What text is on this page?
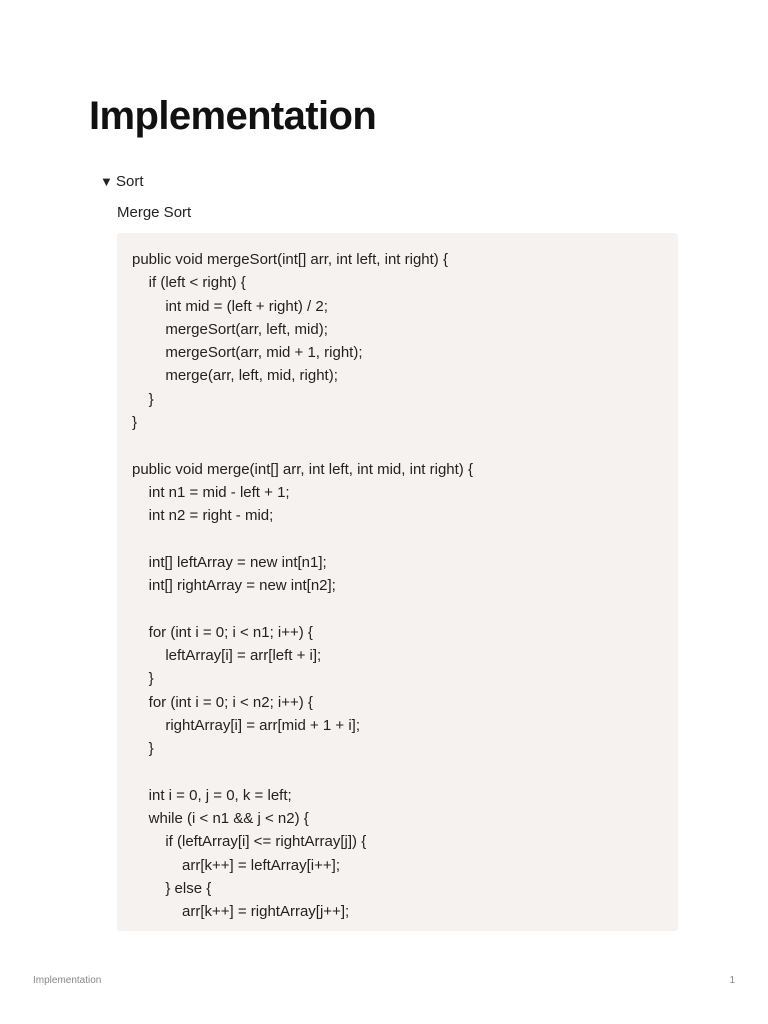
Implementation
▼ Sort
Merge Sort
public void mergeSort(int[] arr, int left, int right) {
if (left < right) {
int mid = (left + right) / 2;
mergeSort(arr, left, mid);
mergeSort(arr, mid + 1, right);
merge(arr, left, mid, right);
}
}
public void merge(int[] arr, int left, int mid, int right) {
int n1 = mid - left + 1;
int n2 = right - mid;
int[] leftArray = new int[n1];
int[] rightArray = new int[n2];
for (int i = 0; i < n1; i++) {
leftArray[i] = arr[left + i];
}
for (int i = 0; i < n2; i++) {
rightArray[i] = arr[mid + 1 + i];
}
int i = 0, j = 0, k = left;
while (i < n1 && j < n2) {
if (leftArray[i] <= rightArray[j]) {
arr[k++] = leftArray[i++];
} else {
arr[k++] = rightArray[j++];
Implementation	1
